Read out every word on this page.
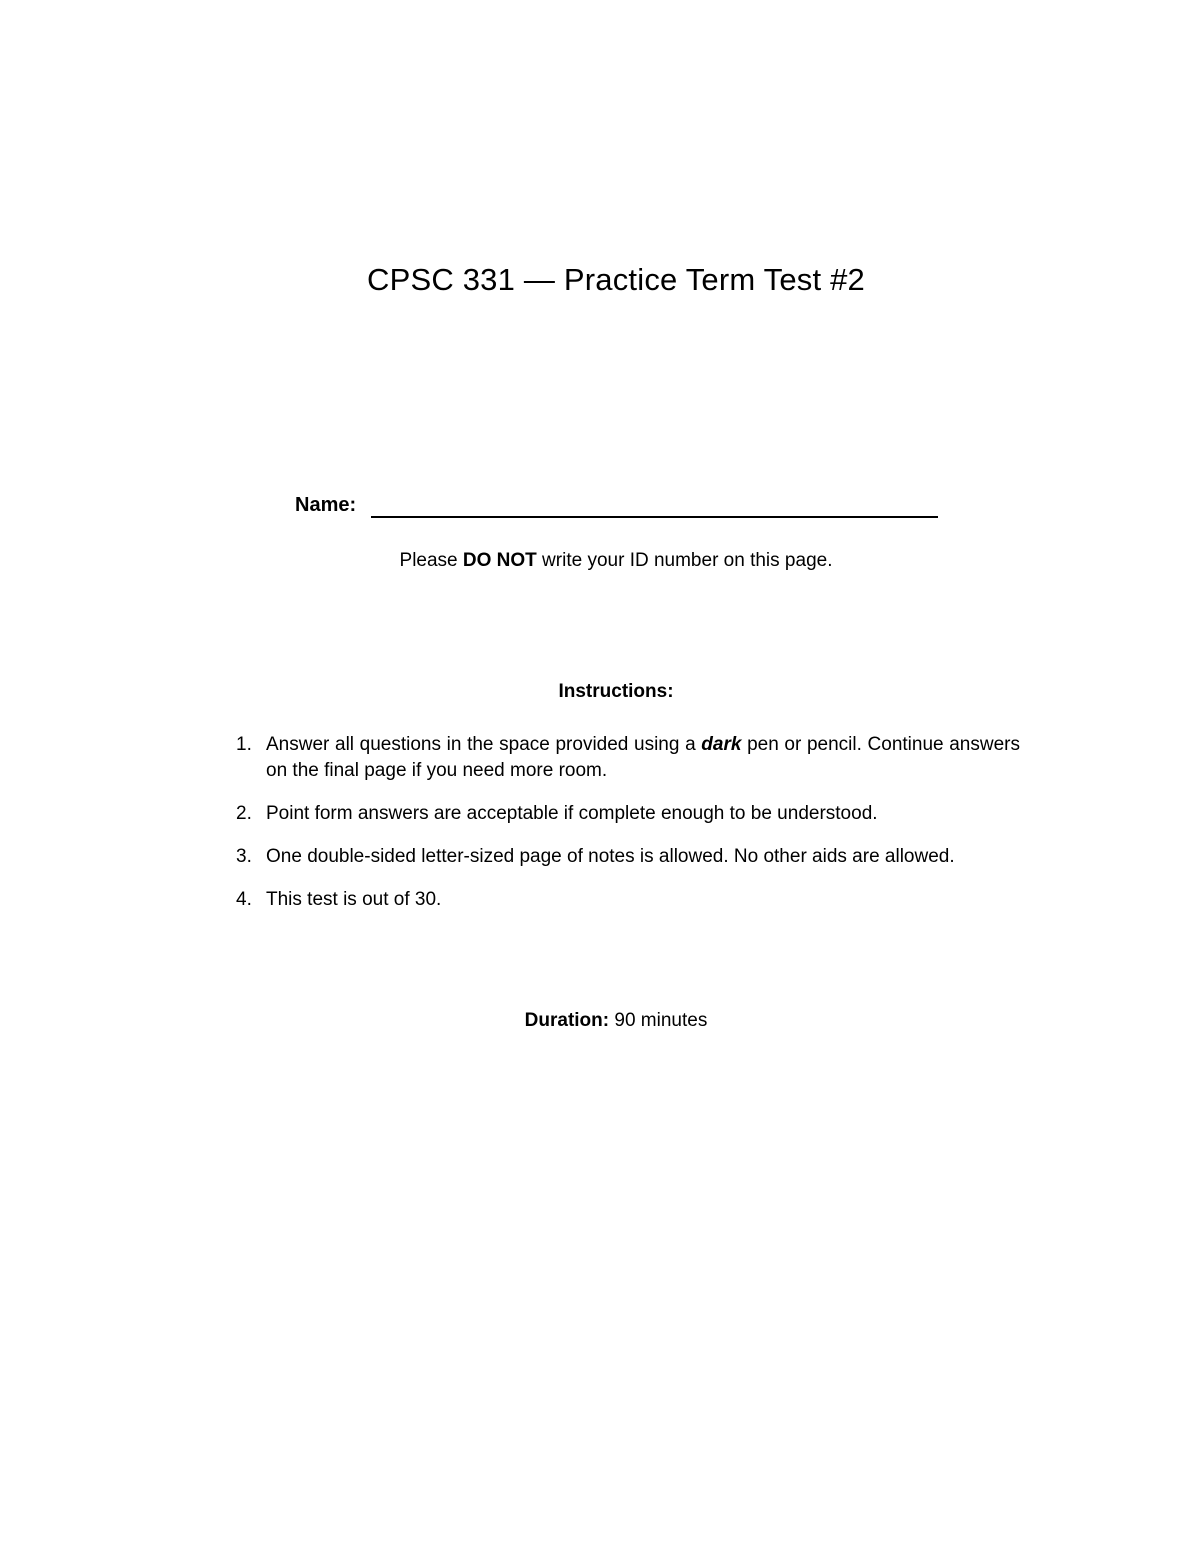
CPSC 331 — Practice Term Test #2
Name:
Please DO NOT write your ID number on this page.
Instructions:
1. Answer all questions in the space provided using a dark pen or pencil. Continue answers on the final page if you need more room.
2. Point form answers are acceptable if complete enough to be understood.
3. One double-sided letter-sized page of notes is allowed. No other aids are allowed.
4. This test is out of 30.
Duration: 90 minutes
